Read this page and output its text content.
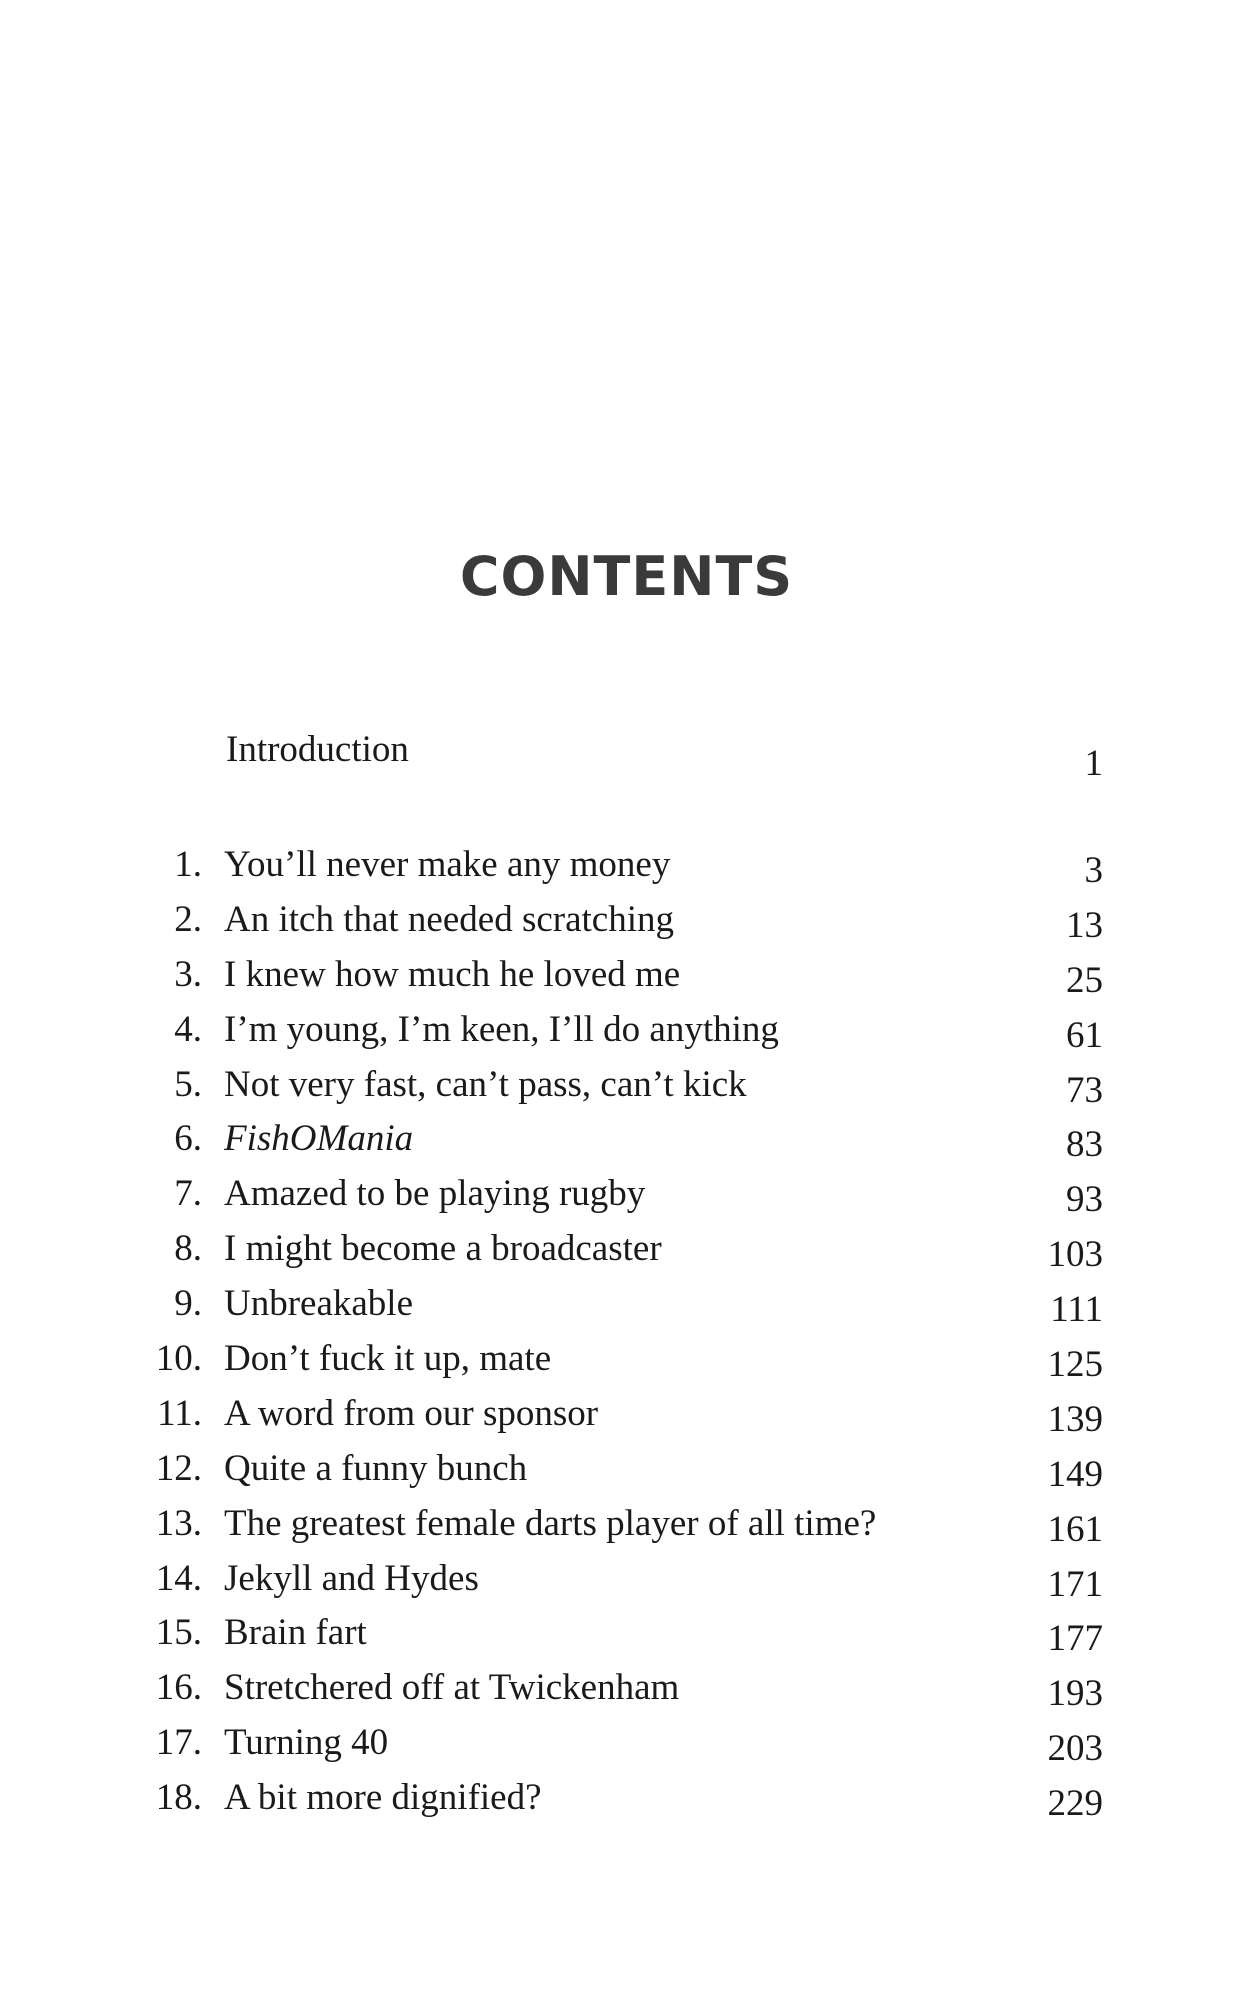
CONTENTS
Introduction	1
1. You’ll never make any money	3
2. An itch that needed scratching	13
3. I knew how much he loved me	25
4. I’m young, I’m keen, I’ll do anything	61
5. Not very fast, can’t pass, can’t kick	73
6. FishOMania	83
7. Amazed to be playing rugby	93
8. I might become a broadcaster	103
9. Unbreakable	111
10. Don’t fuck it up, mate	125
11. A word from our sponsor	139
12. Quite a funny bunch	149
13. The greatest female darts player of all time?	161
14. Jekyll and Hydes	171
15. Brain fart	177
16. Stretchered off at Twickenham	193
17. Turning 40	203
18. A bit more dignified?	229
